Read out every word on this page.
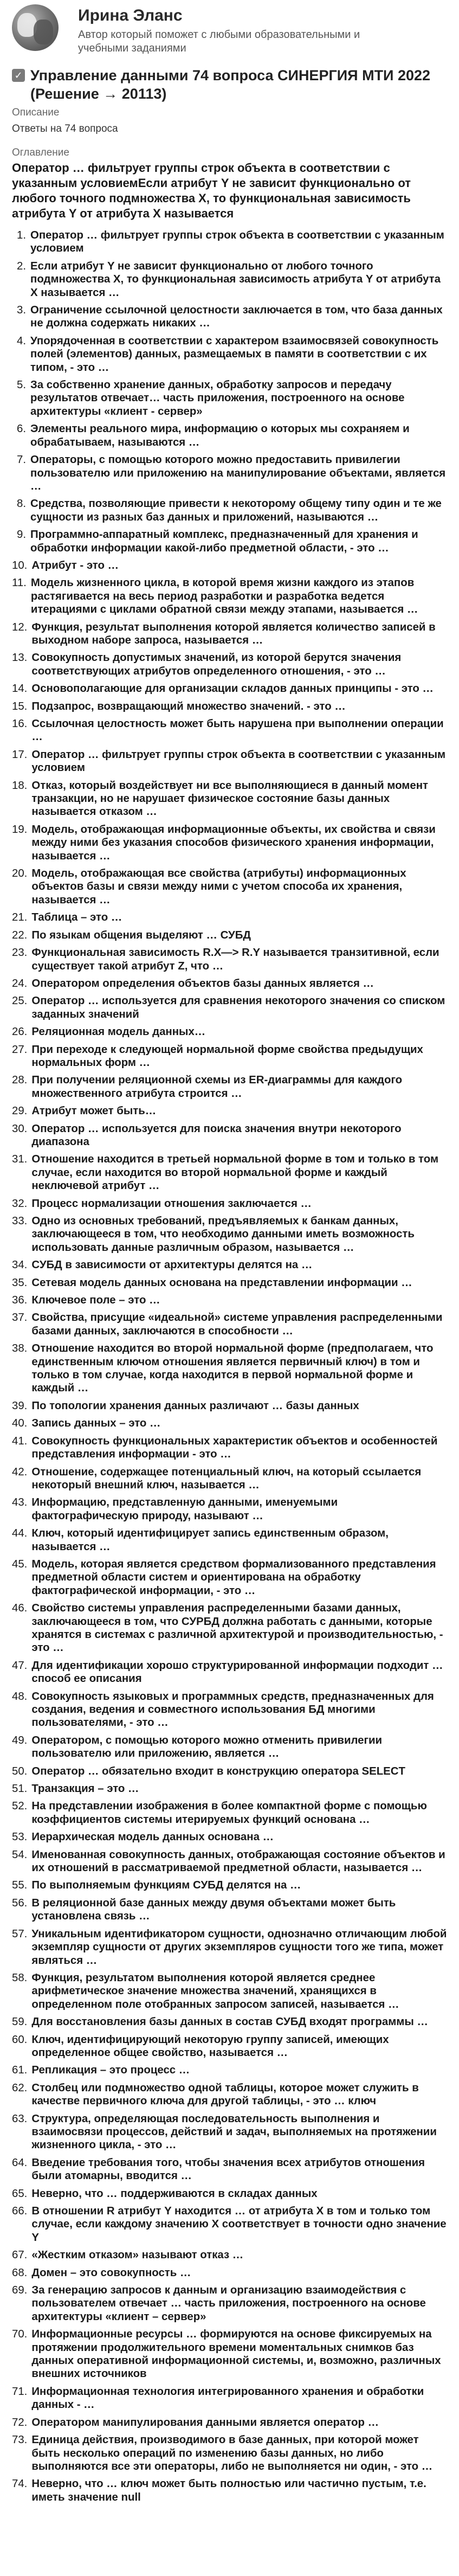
Ирина Эланс
Автор который поможет с любыми образовательными и учебными заданиями
✓ Управление данными 74 вопроса СИНЕРГИЯ МТИ 2022 (Решение → 20113)
Описание
Ответы на 74 вопроса
Оглавление
Оператор … фильтрует группы строк объекта в соответствии с указанным условиемЕсли атрибут Y не зависит функционально от любого точного подмножества X, то функциональная зависимость атрибута Y от атрибута X называется
1. Оператор … фильтрует группы строк объекта в соответствии с указанным условием
2. Если атрибут Y не зависит функционально от любого точного подмножества X, то функциональная зависимость атрибута Y от атрибута X называется …
3. Ограничение ссылочной целостности заключается в том, что база данных не должна содержать никаких …
4. Упорядоченная в соответствии с характером взаимосвязей совокупность полей (элементов) данных, размещаемых в памяти в соответствии с их типом, - это …
5. За собственно хранение данных, обработку запросов и передачу результатов отвечает… часть приложения, построенного на основе архитектуры «клиент - сервер»
6. Элементы реального мира, информацию о которых мы сохраняем и обрабатываем, называются …
7. Операторы, с помощью которого можно предоставить привилегии пользователю или приложению на манипулирование объектами, является …
8. Средства, позволяющие привести к некоторому общему типу один и те же сущности из разных баз данных и приложений, называются …
9. Программно-аппаратный комплекс, предназначенный для хранения и обработки информации какой-либо предметной области, - это …
10. Атрибут - это …
11. Модель жизненного цикла, в которой время жизни каждого из этапов растягивается на весь период разработки и разработка ведется итерациями с циклами обратной связи между этапами, называется …
12. Функция, результат выполнения которой является количество записей в выходном наборе запроса, называется …
13. Совокупность допустимых значений, из которой берутся значения соответствующих атрибутов определенного отношения, - это …
14. Основополагающие для организации складов данных принципы - это …
15. Подзапрос, возвращающий множество значений. - это …
16. Ссылочная целостность может быть нарушена при выполнении операции …
17. Оператор … фильтрует группы строк объекта в соответствии с указанным условием
18. Отказ, который воздействует ни все выполняющиеся в данный момент транзакции, но не нарушает физическое состояние базы данных называется отказом …
19. Модель, отображающая информационные объекты, их свойства и связи между ними без указания способов физического хранения информации, называется …
20. Модель, отображающая все свойства (атрибуты) информационных объектов базы и связи между ними с учетом способа их хранения, называется …
21. Таблица – это …
22. По языкам общения выделяют … СУБД
23. Функциональная зависимость R.X—> R.Y называется транзитивной, если существует такой атрибут Z, что …
24. Оператором определения объектов базы данных является …
25. Оператор … используется для сравнения некоторого значения со списком заданных значений
26. Реляционная модель данных…
27. При переходе к следующей нормальной форме свойства предыдущих нормальных форм …
28. При получении реляционной схемы из ER-диаграммы для каждого множественного атрибута строится …
29. Атрибут может быть…
30. Оператор … используется для поиска значения внутри некоторого диапазона
31. Отношение находится в третьей нормальной форме в том и только в том случае, если находится во второй нормальной форме и каждый неключевой атрибут …
32. Процесс нормализации отношения заключается …
33. Одно из основных требований, предъявляемых к банкам данных, заключающееся в том, что необходимо данными иметь возможность использовать данные различным образом, называется …
34. СУБД в зависимости от архитектуры делятся на …
35. Сетевая модель данных основана на представлении информации …
36. Ключевое поле – это …
37. Свойства, присущие «идеальной» системе управления распределенными базами данных, заключаются в способности …
38. Отношение находится во второй нормальной форме (предполагаем, что единственным ключом отношения является первичный ключ) в том и только в том случае, когда находится в первой нормальной форме и каждый …
39. По топологии хранения данных различают … базы данных
40. Запись данных – это …
41. Совокупность функциональных характеристик объектов и особенностей представления информации - это …
42. Отношение, содержащее потенциальный ключ, на который ссылается некоторый внешний ключ, называется …
43. Информацию, представленную данными, именуемыми фактографическую природу, называют …
44. Ключ, который идентифицирует запись единственным образом, называется …
45. Модель, которая является средством формализованного представления предметной области систем и ориентирована на обработку фактографической информации, - это …
46. Свойство системы управления распределенными базами данных, заключающееся в том, что СУРБД должна работать с данными, которые хранятся в системах с различной архитектурой и производительностью, - это …
47. Для идентификации хорошо структурированной информации подходит … способ ее описания
48. Совокупность языковых и программных средств, предназначенных для создания, ведения и совместного использования БД многими пользователями, - это …
49. Оператором, с помощью которого можно отменить привилегии пользователю или приложению, является …
50. Оператор … обязательно входит в конструкцию оператора SELECT
51. Транзакция – это …
52. На представлении изображения в более компактной форме с помощью коэффициентов системы итерируемых функций основана …
53. Иерархическая модель данных основана …
54. Именованная совокупность данных, отображающая состояние объектов и их отношений в рассматриваемой предметной области, называется …
55. По выполняемым функциям СУБД делятся на …
56. В реляционной базе данных между двумя объектами может быть установлена связь …
57. Уникальным идентификатором сущности, однозначно отличающим любой экземпляр сущности от других экземпляров сущности того же типа, может являться …
58. Функция, результатом выполнения которой является среднее арифметическое значение множества значений, хранящихся в определенном поле отобранных запросом записей, называется …
59. Для восстановления базы данных в состав СУБД входят программы …
60. Ключ, идентифицирующий некоторую группу записей, имеющих определенное общее свойство, называется …
61. Репликация – это процесс …
62. Столбец или подмножество одной таблицы, которое может служить в качестве первичного ключа для другой таблицы, - это … ключ
63. Структура, определяющая последовательность выполнения и взаимосвязи процессов, действий и задач, выполняемых на протяжении жизненного цикла, - это …
64. Введение требования того, чтобы значения всех атрибутов отношения были атомарны, вводится …
65. Неверно, что … поддерживаются в складах данных
66. В отношении R атрибут Y находится … от атрибута X в том и только том случае, если каждому значению X соответствует в точности одно значение Y
67. «Жестким отказом» называют отказ …
68. Домен – это совокупность …
69. За генерацию запросов к данным и организацию взаимодействия с пользователем отвечает … часть приложения, построенного на основе архитектуры «клиент – сервер»
70. Информационные ресурсы … формируются на основе фиксируемых на протяжении продолжительного времени моментальных снимков баз данных оперативной информационной системы, и, возможно, различных внешних источников
71. Информационная технология интегрированного хранения и обработки данных - …
72. Оператором манипулирования данными является оператор …
73. Единица действия, производимого в базе данных, при которой может быть несколько операций по изменению базы данных, но либо выполняются все эти операторы, либо не выполняется ни один, - это …
74. Неверно, что … ключ может быть полностью или частично пустым, т.е. иметь значение null
